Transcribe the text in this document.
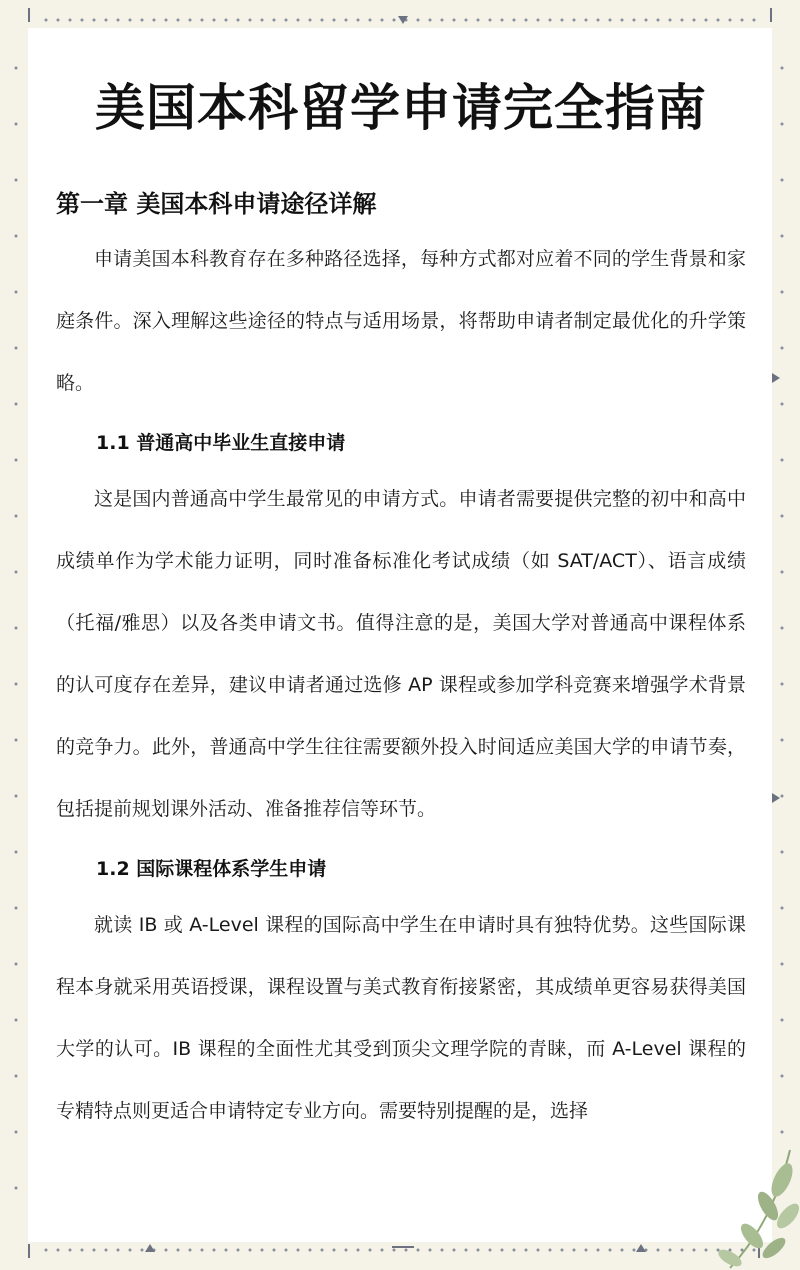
美国本科留学申请完全指南
第一章 美国本科申请途径详解

申请美国本科教育存在多种路径选择，每种方式都对应着不同的学生背景和家庭条件。深入理解这些途径的特点与适用场景，将帮助申请者制定最优化的升学策略。

1.1 普通高中毕业生直接申请

这是国内普通高中学生最常见的申请方式。申请者需要提供完整的初中和高中成绩单作为学术能力证明，同时准备标准化考试成绩（如 SAT/ACT）、语言成绩（托福/雅思）以及各类申请文书。值得注意的是，美国大学对普通高中课程体系的认可度存在差异，建议申请者通过选修 AP 课程或参加学科竞赛来增强学术背景的竞争力。此外，普通高中学生往往需要额外投入时间适应美国大学的申请节奏，包括提前规划课外活动、准备推荐信等环节。

1.2 国际课程体系学生申请

就读 IB 或 A-Level 课程的国际高中学生在申请时具有独特优势。这些国际课程本身就采用英语授课，课程设置与美式教育衔接紧密，其成绩单更容易获得美国大学的认可。IB 课程的全面性尤其受到顶尖文理学院的青睐，而 A-Level 课程的专精特点则更适合申请特定专业方向。需要特别提醒的是，选择
